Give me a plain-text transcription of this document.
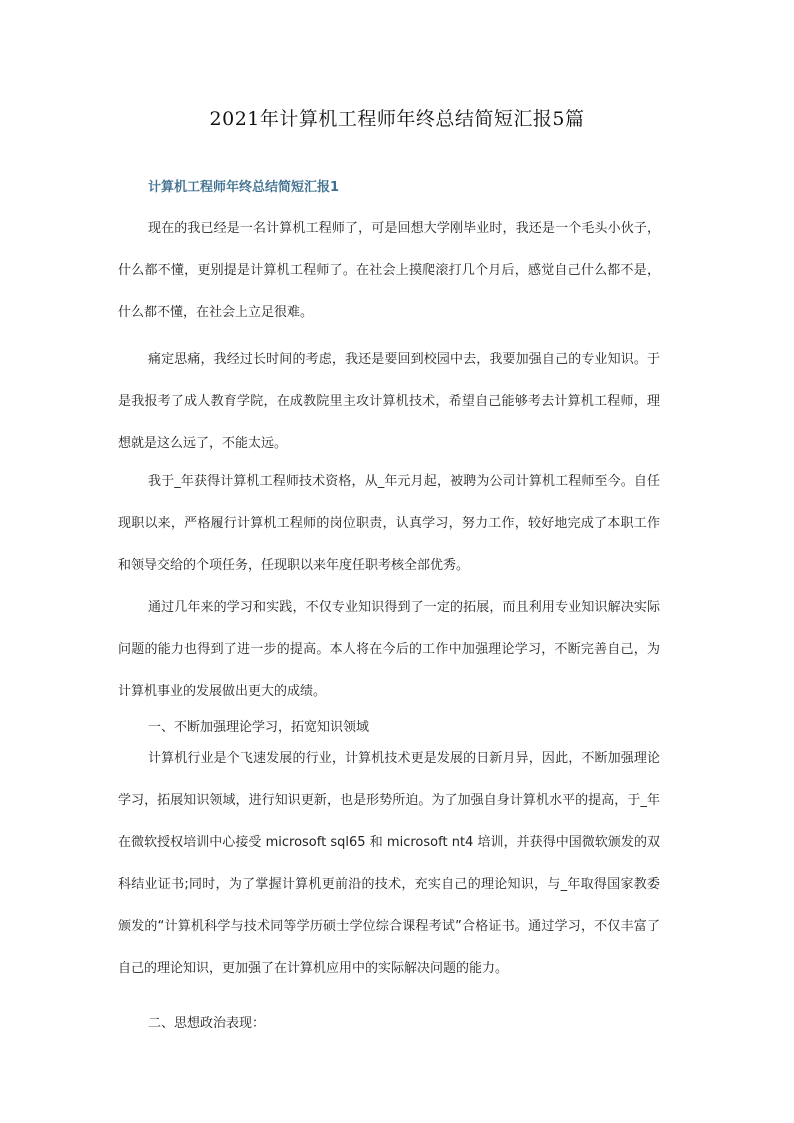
2021年计算机工程师年终总结简短汇报5篇
计算机工程师年终总结简短汇报1

现在的我已经是一名计算机工程师了，可是回想大学刚毕业时，我还是一个毛头小伙子，什么都不懂，更别提是计算机工程师了。在社会上摸爬滚打几个月后，感觉自己什么都不是，什么都不懂，在社会上立足很难。

痛定思痛，我经过长时间的考虑，我还是要回到校园中去，我要加强自己的专业知识。于是我报考了成人教育学院，在成教院里主攻计算机技术，希望自己能够考去计算机工程师，理想就是这么远了，不能太远。

我于_年获得计算机工程师技术资格，从_年元月起，被聘为公司计算机工程师至今。自任现职以来，严格履行计算机工程师的岗位职责，认真学习，努力工作，较好地完成了本职工作和领导交给的个项任务，任现职以来年度任职考核全部优秀。

通过几年来的学习和实践，不仅专业知识得到了一定的拓展，而且利用专业知识解决实际问题的能力也得到了进一步的提高。本人将在今后的工作中加强理论学习，不断完善自己，为计算机事业的发展做出更大的成绩。

一、不断加强理论学习，拓宽知识领域

计算机行业是个飞速发展的行业，计算机技术更是发展的日新月异，因此，不断加强理论学习，拓展知识领域，进行知识更新，也是形势所迫。为了加强自身计算机水平的提高，于_年在微软授权培训中心接受 microsoft sql65 和 microsoft nt4 培训，并获得中国微软颁发的双科结业证书;同时，为了掌握计算机更前沿的技术，充实自己的理论知识，与_年取得国家教委颁发的“计算机科学与技术同等学历硕士学位综合课程考试”合格证书。通过学习，不仅丰富了自己的理论知识，更加强了在计算机应用中的实际解决问题的能力。

二、思想政治表现：
